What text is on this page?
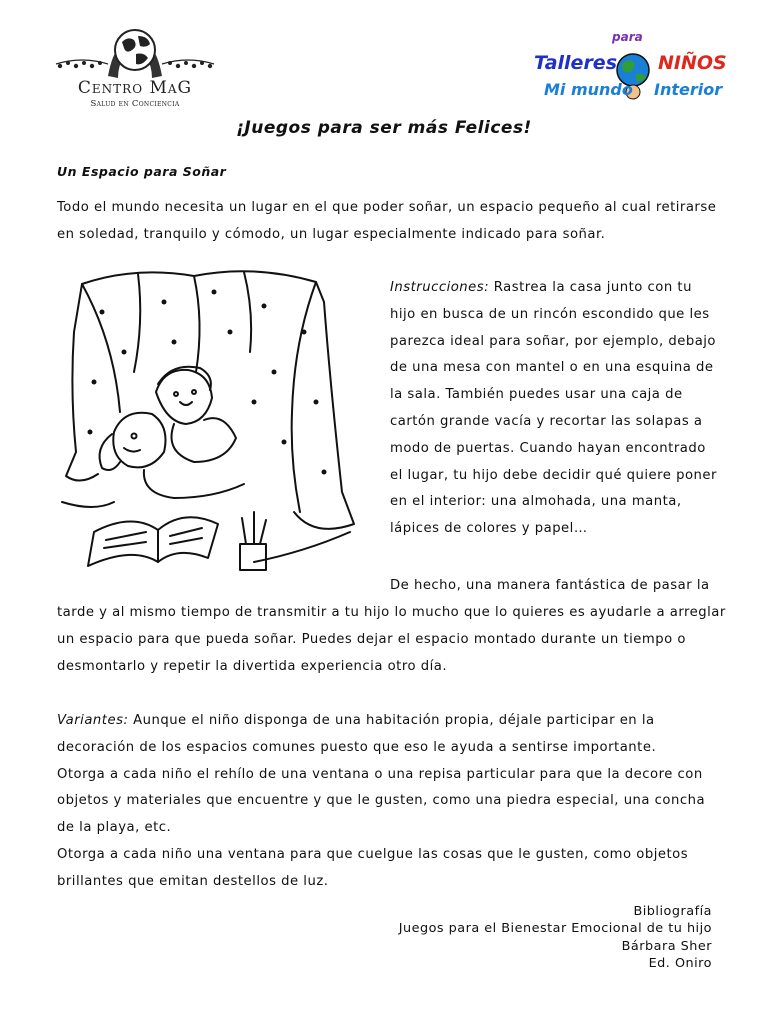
Centro MaG
Salud en Conciencia
para
Talleres NIÑOS
Mi mundo Interior
¡Juegos para ser más Felices!
Un Espacio para Soñar

Todo el mundo necesita un lugar en el que poder soñar, un espacio pequeño al cual retirarse en soledad, tranquilo y cómodo, un lugar especialmente indicado para soñar.

Instrucciones: Rastrea la casa junto con tu hijo en busca de un rincón escondido que les parezca ideal para soñar, por ejemplo, debajo de una mesa con mantel o en una esquina de la sala. También puedes usar una caja de cartón grande vacía y recortar las solapas a modo de puertas. Cuando hayan encontrado el lugar, tu hijo debe decidir qué quiere poner en el interior: una almohada, una manta, lápices de colores y papel…

De hecho, una manera fantástica de pasar la

tarde y al mismo tiempo de transmitir a tu hijo lo mucho que lo quieres es ayudarle a arreglar un espacio para que pueda soñar. Puedes dejar el espacio montado durante un tiempo o desmontarlo y repetir la divertida experiencia otro día.

Variantes: Aunque el niño disponga de una habitación propia, déjale participar en la decoración de los espacios comunes puesto que eso le ayuda a sentirse importante.

Otorga a cada niño el rehílo de una ventana o una repisa particular para que la decore con objetos y materiales que encuentre y que le gusten, como una piedra especial, una concha de la playa, etc.

Otorga a cada niño una ventana para que cuelgue las cosas que le gusten, como objetos brillantes que emitan destellos de luz.

Bibliografía
Juegos para el Bienestar Emocional de tu hijo
Bárbara Sher
Ed. Oniro
